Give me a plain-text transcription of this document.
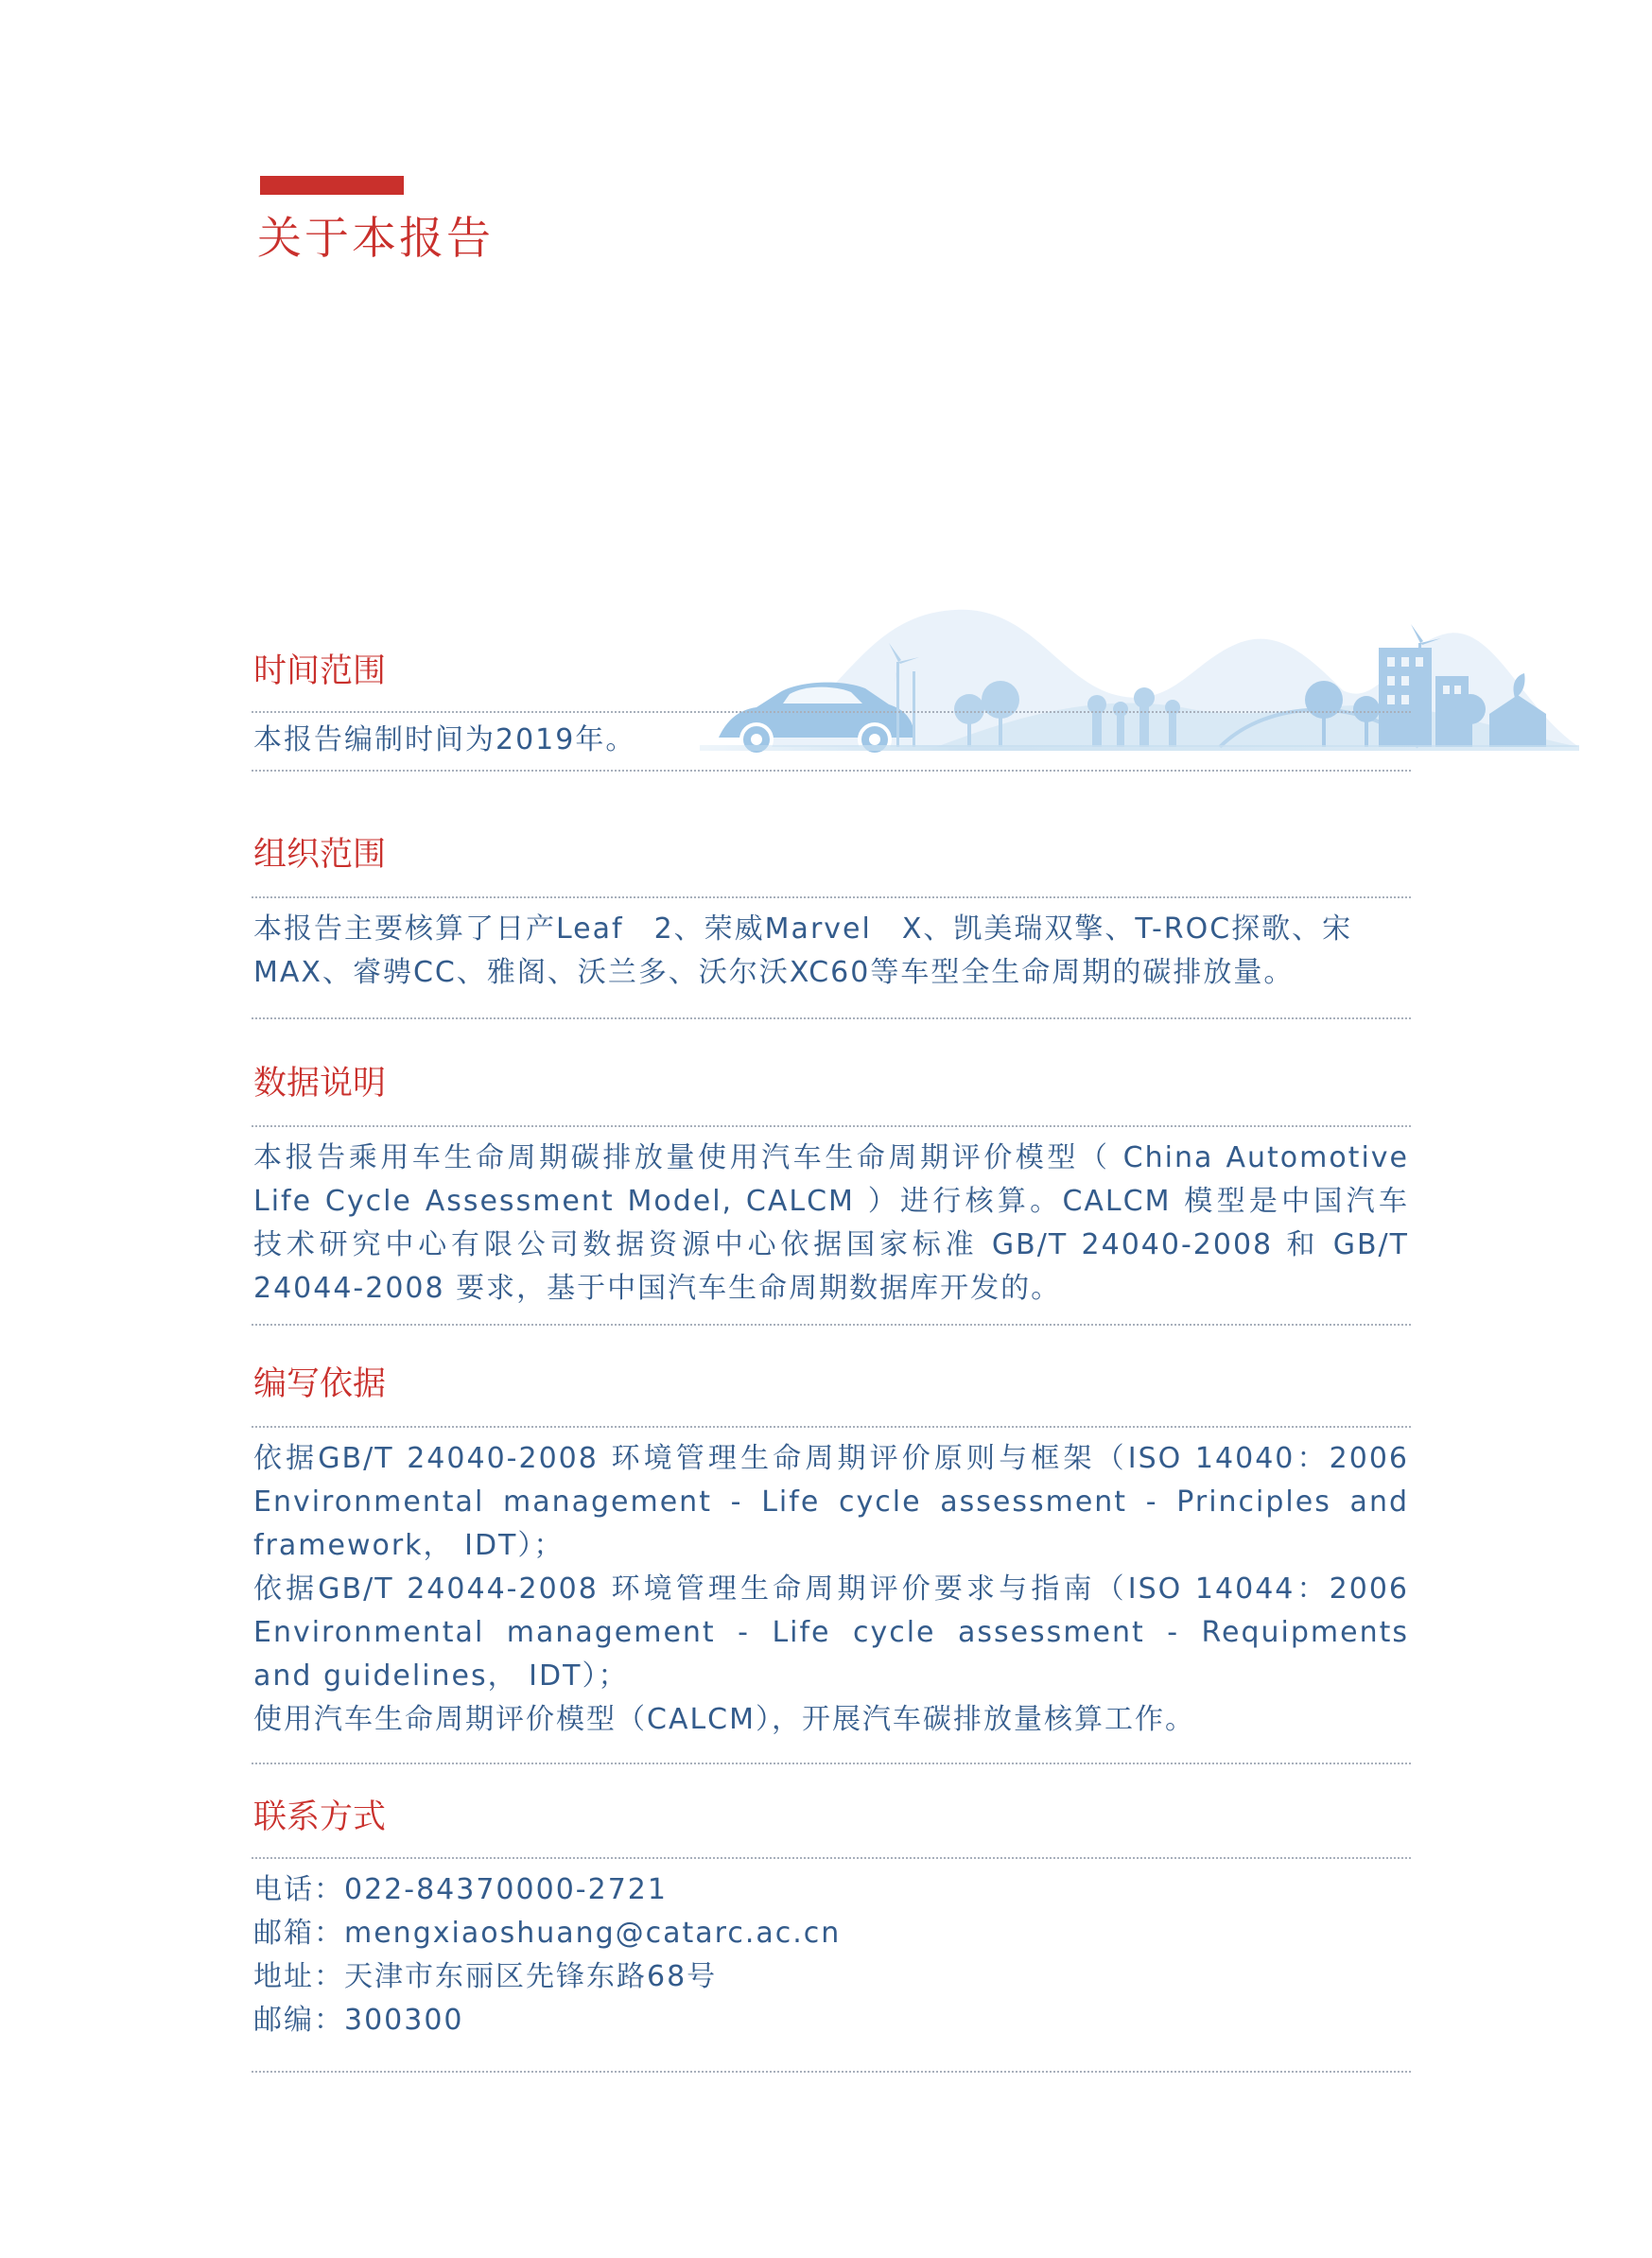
关于本报告
时间范围
本报告编制时间为2019年。
组织范围
本报告主要核算了日产Leaf　2、荣威Marvel　X、凯美瑞双擎、T-ROC探歌、宋
MAX、睿骋CC、雅阁、沃兰多、沃尔沃XC60等车型全生命周期的碳排放量。
数据说明
本报告乘用车生命周期碳排放量使用汽车生命周期评价模型（ China Automotive
Life Cycle Assessment Model, CALCM ）进行核算。CALCM 模型是中国汽车
技术研究中心有限公司数据资源中心依据国家标准 GB/T 24040-2008 和 GB/T
24044-2008 要求，基于中国汽车生命周期数据库开发的。
编写依据
依据GB/T 24040-2008 环境管理生命周期评价原则与框架（ISO 14040：2006
Environmental management - Life cycle assessment - Principles and
framework， IDT）；
依据GB/T 24044-2008 环境管理生命周期评价要求与指南（ISO 14044：2006
Environmental management - Life cycle assessment - Requipments
and guidelines， IDT）；
使用汽车生命周期评价模型（CALCM），开展汽车碳排放量核算工作。
联系方式
电话：022-84370000-2721
邮箱：mengxiaoshuang@catarc.ac.cn
地址：天津市东丽区先锋东路68号
邮编：300300
